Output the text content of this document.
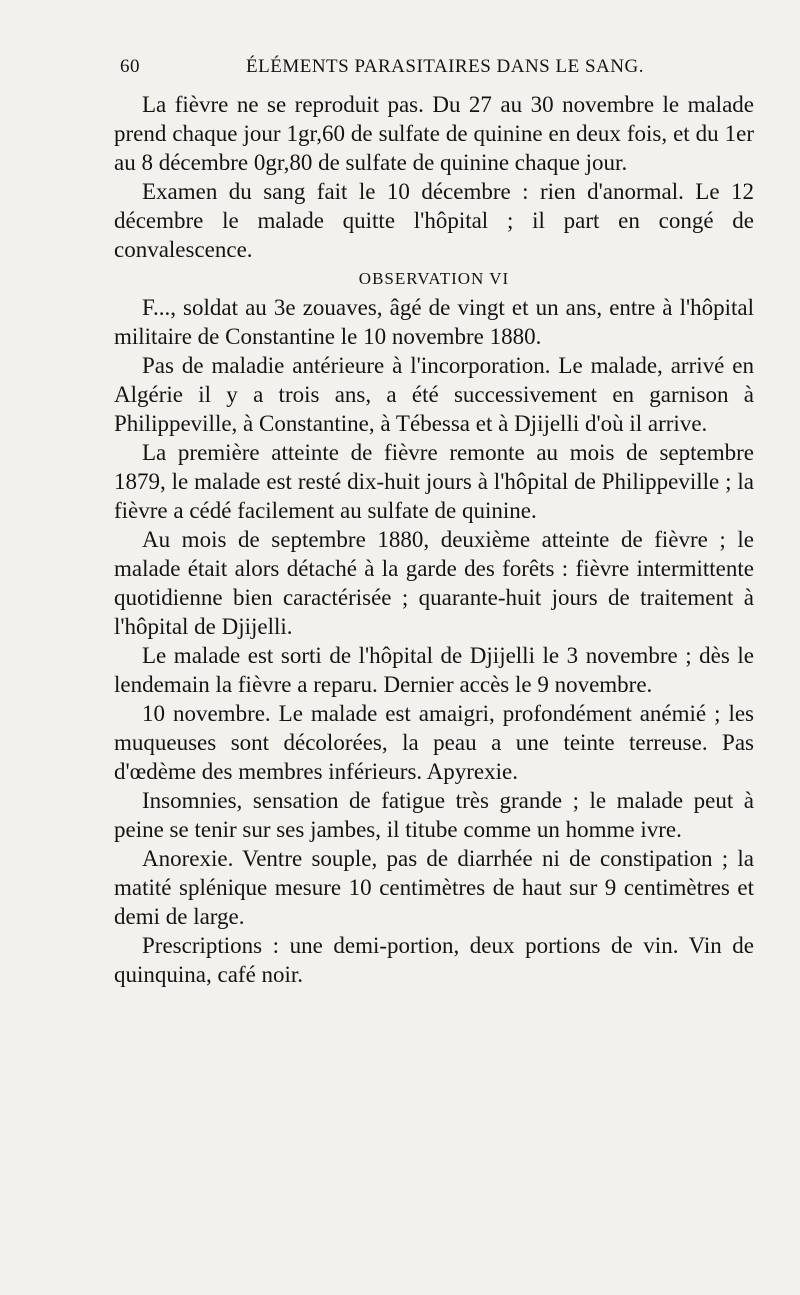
60	ÉLÉMENTS PARASITAIRES DANS LE SANG.

La fièvre ne se reproduit pas. Du 27 au 30 novembre le malade prend chaque jour 1gr,60 de sulfate de quinine en deux fois, et du 1er au 8 décembre 0gr,80 de sulfate de quinine chaque jour.

Examen du sang fait le 10 décembre : rien d'anormal. Le 12 décembre le malade quitte l'hôpital ; il part en congé de convalescence.

OBSERVATION VI

F..., soldat au 3e zouaves, âgé de vingt et un ans, entre à l'hôpital militaire de Constantine le 10 novembre 1880.

Pas de maladie antérieure à l'incorporation. Le malade, arrivé en Algérie il y a trois ans, a été successivement en garnison à Philippeville, à Constantine, à Tébessa et à Djijelli d'où il arrive.

La première atteinte de fièvre remonte au mois de septembre 1879, le malade est resté dix-huit jours à l'hôpital de Philippeville ; la fièvre a cédé facilement au sulfate de quinine.

Au mois de septembre 1880, deuxième atteinte de fièvre ; le malade était alors détaché à la garde des forêts : fièvre intermittente quotidienne bien caractérisée ; quarante-huit jours de traitement à l'hôpital de Djijelli.

Le malade est sorti de l'hôpital de Djijelli le 3 novembre ; dès le lendemain la fièvre a reparu. Dernier accès le 9 novembre.

10 novembre. Le malade est amaigri, profondément anémié ; les muqueuses sont décolorées, la peau a une teinte terreuse. Pas d'œdème des membres inférieurs. Apyrexie.

Insomnies, sensation de fatigue très grande ; le malade peut à peine se tenir sur ses jambes, il titube comme un homme ivre.

Anorexie. Ventre souple, pas de diarrhée ni de constipation ; la matité splénique mesure 10 centimètres de haut sur 9 centimètres et demi de large.

Prescriptions : une demi-portion, deux portions de vin. Vin de quinquina, café noir.
